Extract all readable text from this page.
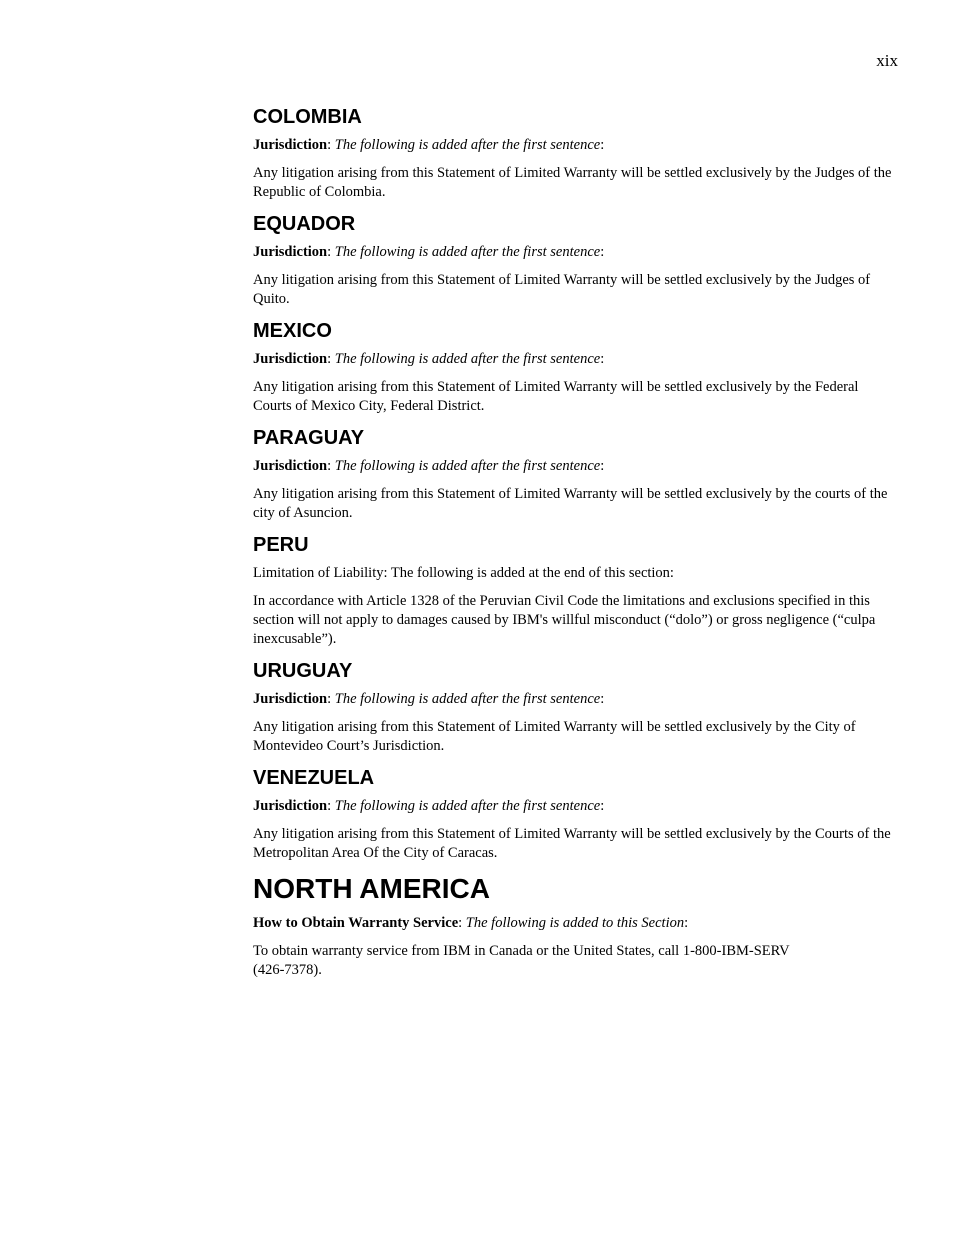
xix
COLOMBIA

Jurisdiction: The following is added after the first sentence:

Any litigation arising from this Statement of Limited Warranty will be settled exclusively by the Judges of the Republic of Colombia.

EQUADOR

Jurisdiction: The following is added after the first sentence:

Any litigation arising from this Statement of Limited Warranty will be settled exclusively by the Judges of Quito.

MEXICO

Jurisdiction: The following is added after the first sentence:

Any litigation arising from this Statement of Limited Warranty will be settled exclusively by the Federal Courts of Mexico City, Federal District.

PARAGUAY

Jurisdiction: The following is added after the first sentence:

Any litigation arising from this Statement of Limited Warranty will be settled exclusively by the courts of the city of Asuncion.

PERU

Limitation of Liability: The following is added at the end of this section:

In accordance with Article 1328 of the Peruvian Civil Code the limitations and exclusions specified in this section will not apply to damages caused by IBM's willful misconduct (“dolo”) or gross negligence (“culpa inexcusable”).

URUGUAY

Jurisdiction: The following is added after the first sentence:

Any litigation arising from this Statement of Limited Warranty will be settled exclusively by the City of Montevideo Court’s Jurisdiction.

VENEZUELA

Jurisdiction: The following is added after the first sentence:

Any litigation arising from this Statement of Limited Warranty will be settled exclusively by the Courts of the Metropolitan Area Of the City of Caracas.

NORTH AMERICA

How to Obtain Warranty Service: The following is added to this Section:

To obtain warranty service from IBM in Canada or the United States, call 1-800-IBM-SERV
(426-7378).
